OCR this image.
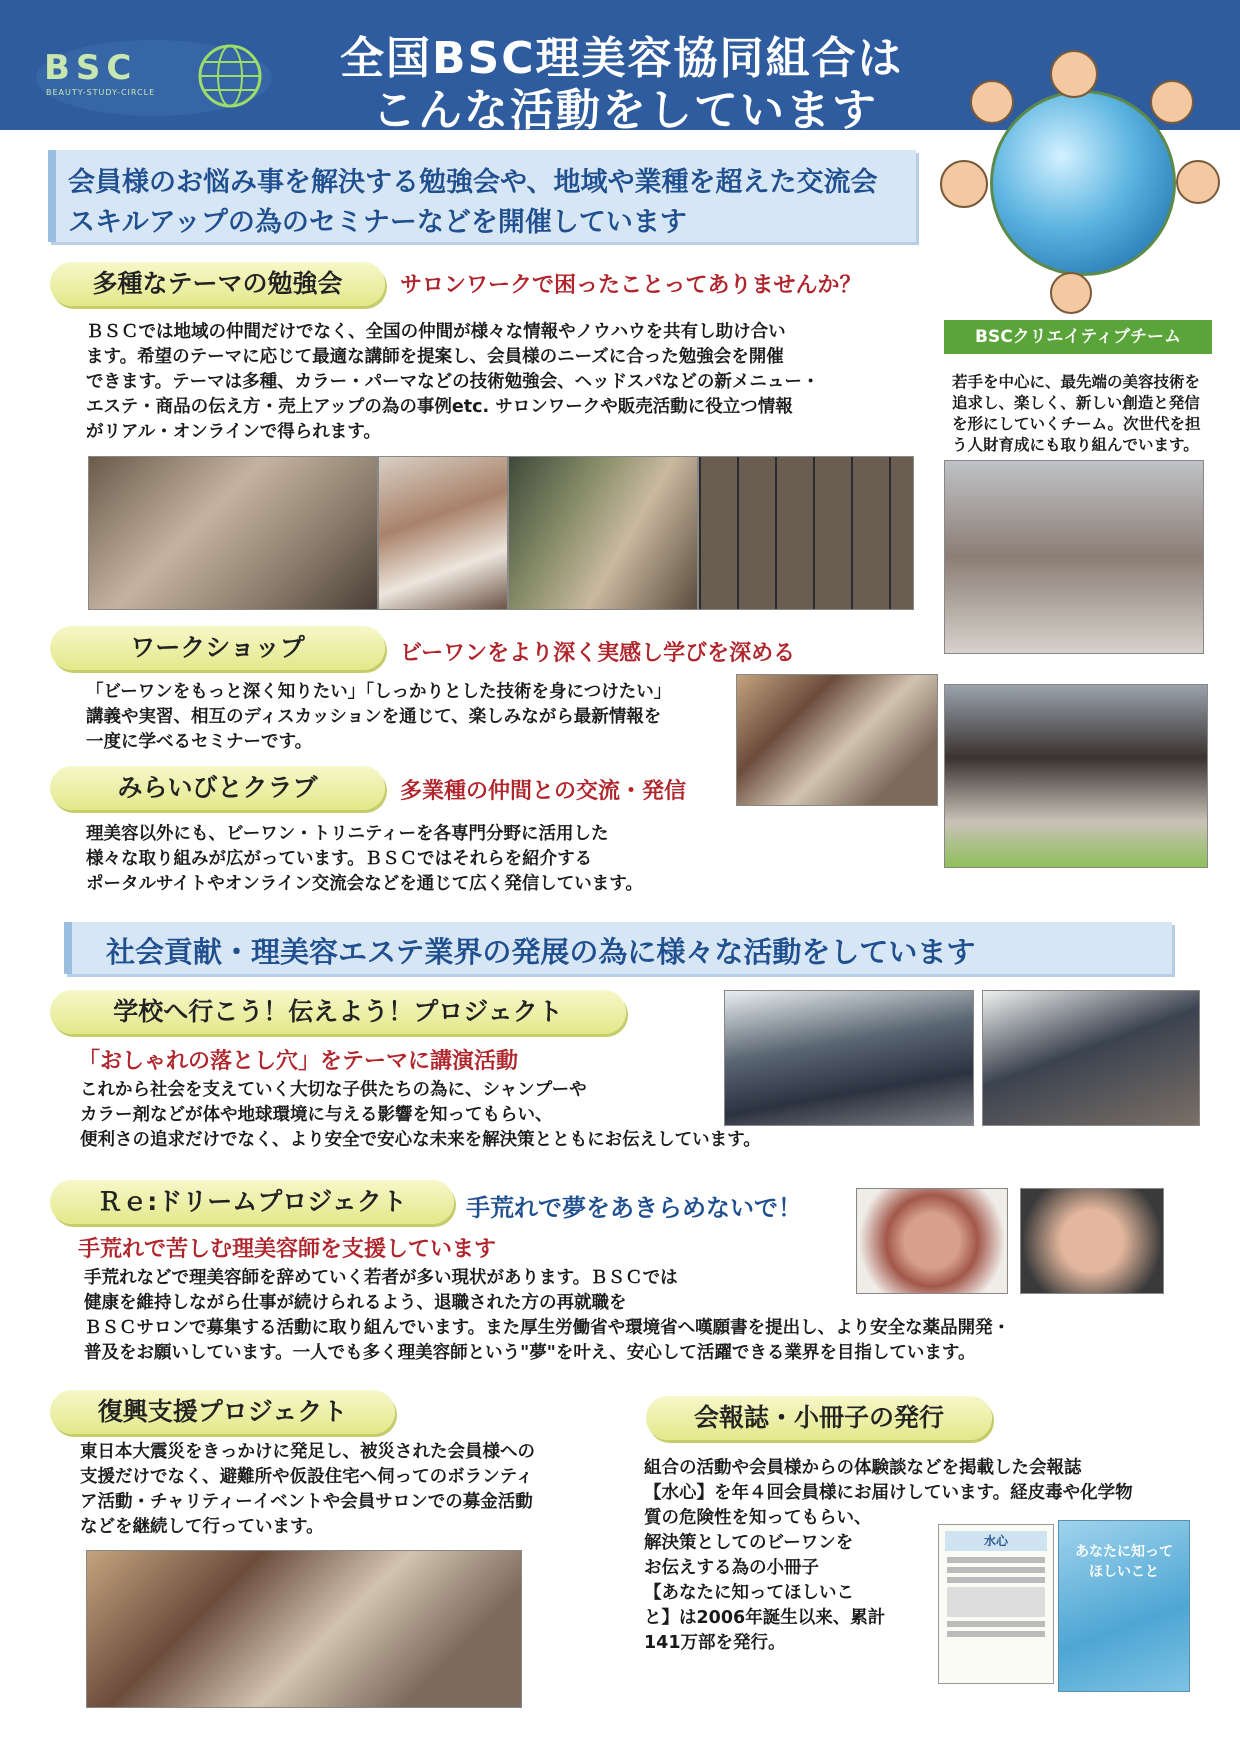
BSC
BEAUTY-STUDY-CIRCLE
全国BSC理美容協同組合は
こんな活動をしています
会員様のお悩み事を解決する勉強会や、地域や業種を超えた交流会
スキルアップの為のセミナーなどを開催しています
多種なテーマの勉強会	サロンワークで困ったことってありませんか？
ＢＳＣでは地域の仲間だけでなく、全国の仲間が様々な情報やノウハウを共有し助け合い
ます。希望のテーマに応じて最適な講師を提案し、会員様のニーズに合った勉強会を開催
できます。テーマは多種、カラー・パーマなどの技術勉強会、ヘッドスパなどの新メニュー・
エステ・商品の伝え方・売上アップの為の事例etc. サロンワークや販売活動に役立つ情報
がリアル・オンラインで得られます。
BSCクリエイティブチーム
若手を中心に、最先端の美容技術を
追求し、楽しく、新しい創造と発信
を形にしていくチーム。次世代を担
う人財育成にも取り組んでいます。
ワークショップ	ビーワンをより深く実感し学びを深める
「ビーワンをもっと深く知りたい」「しっかりとした技術を身につけたい」
講義や実習、相互のディスカッションを通じて、楽しみながら最新情報を
一度に学べるセミナーです。
みらいびとクラブ	多業種の仲間との交流・発信
理美容以外にも、ビーワン・トリニティーを各専門分野に活用した
様々な取り組みが広がっています。ＢＳＣではそれらを紹介する
ポータルサイトやオンライン交流会などを通じて広く発信しています。
社会貢献・理美容エステ業界の発展の為に様々な活動をしています
学校へ行こう！伝えよう！プロジェクト
「おしゃれの落とし穴」をテーマに講演活動
これから社会を支えていく大切な子供たちの為に、シャンプーや
カラー剤などが体や地球環境に与える影響を知ってもらい、
便利さの追求だけでなく、より安全で安心な未来を解決策とともにお伝えしています。
Ｒｅ:ドリームプロジェクト	手荒れで夢をあきらめないで！
手荒れで苦しむ理美容師を支援しています
手荒れなどで理美容師を辞めていく若者が多い現状があります。ＢＳＣでは
健康を維持しながら仕事が続けられるよう、退職された方の再就職を
ＢＳＣサロンで募集する活動に取り組んでいます。また厚生労働省や環境省へ嘆願書を提出し、より安全な薬品開発・
普及をお願いしています。一人でも多く理美容師という"夢"を叶え、安心して活躍できる業界を目指しています。
復興支援プロジェクト
東日本大震災をきっかけに発足し、被災された会員様への
支援だけでなく、避難所や仮設住宅へ伺ってのボランティ
ア活動・チャリティーイベントや会員サロンでの募金活動
などを継続して行っています。
会報誌・小冊子の発行
組合の活動や会員様からの体験談などを掲載した会報誌
【水心】を年４回会員様にお届けしています。経皮毒や化学物
質の危険性を知ってもらい、
解決策としてのビーワンを
お伝えする為の小冊子
【あなたに知ってほしいこ
と】は2006年誕生以来、累計
141万部を発行。
水心
あなたに知って
ほしいこと
